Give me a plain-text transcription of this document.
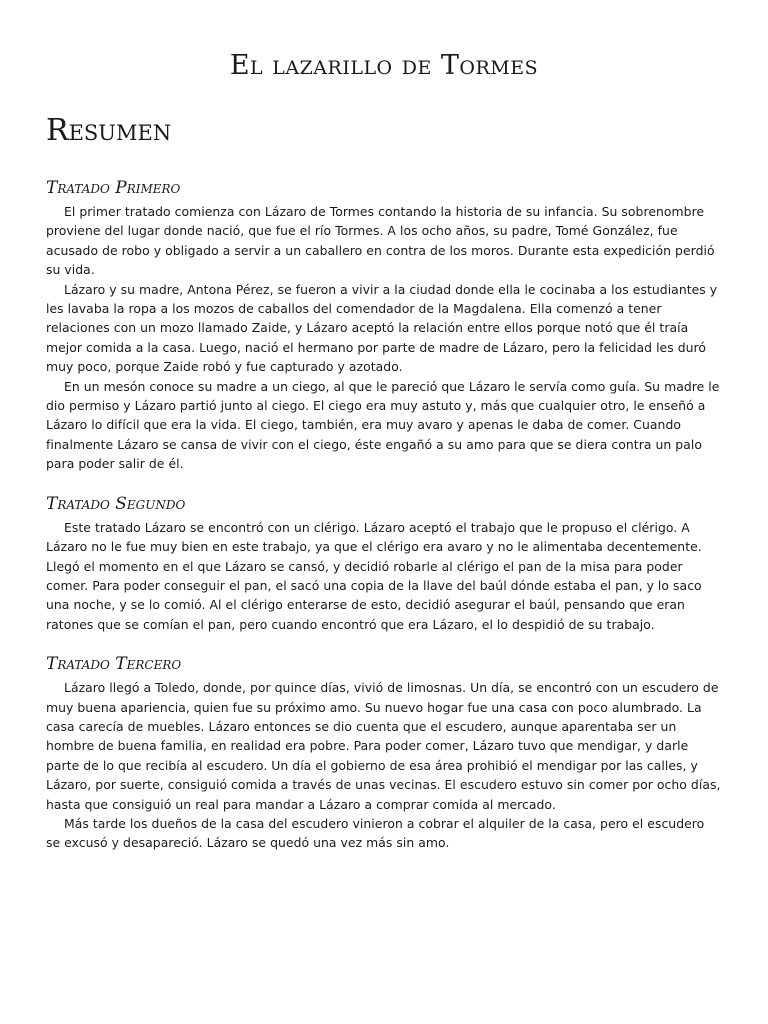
El lazarillo de Tormes
Resumen
Tratado Primero

El primer tratado comienza con Lázaro de Tormes contando la historia de su infancia. Su sobrenombre proviene del lugar donde nació, que fue el río Tormes. A los ocho años, su padre, Tomé González, fue acusado de robo y obligado a servir a un caballero en contra de los moros. Durante esta expedición perdió su vida.

Lázaro y su madre, Antona Pérez, se fueron a vivir a la ciudad donde ella le cocinaba a los estudiantes y les lavaba la ropa a los mozos de caballos del comendador de la Magdalena. Ella comenzó a tener relaciones con un mozo llamado Zaide, y Lázaro aceptó la relación entre ellos porque notó que él traía mejor comida a la casa. Luego, nació el hermano por parte de madre de Lázaro, pero la felicidad les duró muy poco, porque Zaide robó y fue capturado y azotado.

En un mesón conoce su madre a un ciego, al que le pareció que Lázaro le servía como guía. Su madre le dio permiso y Lázaro partió junto al ciego. El ciego era muy astuto y, más que cualquier otro, le enseñó a Lázaro lo difícil que era la vida. El ciego, también, era muy avaro y apenas le daba de comer. Cuando finalmente Lázaro se cansa de vivir con el ciego, éste engañó a su amo para que se diera contra un palo para poder salir de él.

Tratado Segundo

Este tratado Lázaro se encontró con un clérigo. Lázaro aceptó el trabajo que le propuso el clérigo. A Lázaro no le fue muy bien en este trabajo, ya que el clérigo era avaro y no le alimentaba decentemente. Llegó el momento en el que Lázaro se cansó, y decidió robarle al clérigo el pan de la misa para poder comer. Para poder conseguir el pan, el sacó una copia de la llave del baúl dónde estaba el pan, y lo saco una noche, y se lo comió. Al el clérigo enterarse de esto, decidió asegurar el baúl, pensando que eran ratones que se comían el pan, pero cuando encontró que era Lázaro, el lo despidió de su trabajo.

Tratado Tercero

Lázaro llegó a Toledo, donde, por quince días, vivió de limosnas. Un día, se encontró con un escudero de muy buena apariencia, quien fue su próximo amo. Su nuevo hogar fue una casa con poco alumbrado. La casa carecía de muebles. Lázaro entonces se dio cuenta que el escudero, aunque aparentaba ser un hombre de buena familia, en realidad era pobre. Para poder comer, Lázaro tuvo que mendigar, y darle parte de lo que recibía al escudero. Un día el gobierno de esa área prohibió el mendigar por las calles, y Lázaro, por suerte, consiguió comida a través de unas vecinas. El escudero estuvo sin comer por ocho días, hasta que consiguió un real para mandar a Lázaro a comprar comida al mercado.

Más tarde los dueños de la casa del escudero vinieron a cobrar el alquiler de la casa, pero el escudero se excusó y desapareció. Lázaro se quedó una vez más sin amo.
